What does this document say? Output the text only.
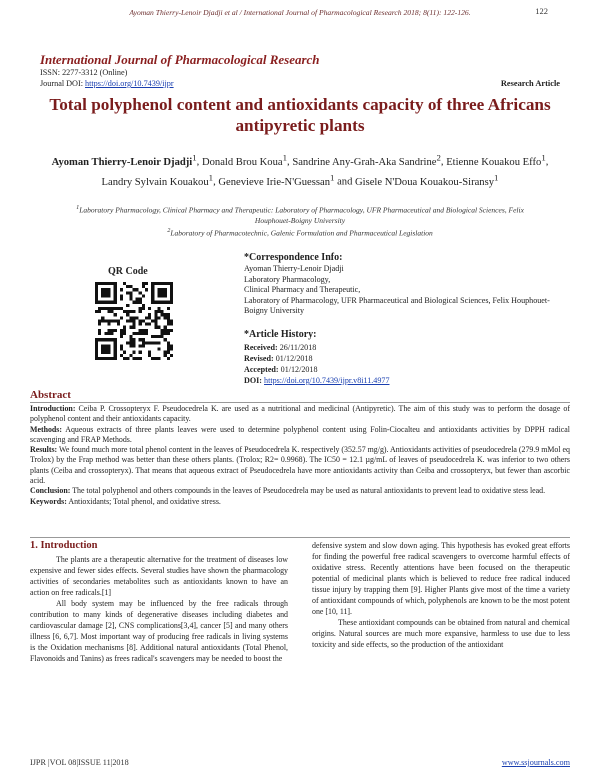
Ayoman Thierry-Lenoir Djadji et al / International Journal of Pharmacological Research 2018; 8(11): 122-126.	122
International Journal of Pharmacological Research
ISSN: 2277-3312 (Online)
Journal DOI: https://doi.org/10.7439/ijpr	Research Article
Total polyphenol content and antioxidants capacity of three Africans antipyretic plants
Ayoman Thierry-Lenoir Djadji$^1$, Donald Brou Koua$^1$, Sandrine Any-Grah-Aka Sandrine$^2$, Etienne Kouakou Effo$^1$, Landry Sylvain Kouakou$^1$, Genevieve Irie-N'Guessan$^1$ and Gisele N'Doua Kouakou-Siransy$^1$
$^1$Laboratory Pharmacology, Clinical Pharmacy and Therapeutic: Laboratory of Pharmacology, UFR Pharmaceutical and Biological Sciences, Felix Houphouet-Boigny University
$^2$Laboratory of Pharmacotechnic, Galenic Formulation and Pharmaceutical Legislation
QR Code
*Correspondence Info:
Ayoman Thierry-Lenoir Djadji
Laboratory Pharmacology,
Clinical Pharmacy and Therapeutic,
Laboratory of Pharmacology, UFR Pharmaceutical and Biological Sciences, Felix Houphouet-Boigny University
*Article History:
Received: 26/11/2018
Revised: 01/12/2018
Accepted: 01/12/2018
DOI: https://doi.org/10.7439/ijpr.v8i11.4977
Abstract

Introduction: Ceiba P. Crossopteryx F. Pseudocedrela K. are used as a nutritional and medicinal (Antipyretic). The aim of this study was to perform the dosage of polyphenol content and their antioxidants capacity.

Methods: Aqueous extracts of three plants leaves were used to determine polyphenol content using Folin-Ciocalteu and antioxidants activities by DPPH radical scavenging and FRAP Methods.

Results: We found much more total phenol content in the leaves of Pseudocedrela K. respectively (352.57 mg/g). Antioxidants activities of pseudocedrela (279.9 mMol eq Trolox) by the Frap method was better than these others plants. (Trolox; R2= 0.9968). The IC50 = 12.1 µg/mL of leaves of pseudocedrela K. was inferior to two others plants (Ceiba and crossopteryx). That means that aqueous extract of Pseudocedrela have more antioxidants activity than Ceiba and crossopteryx, but fewer than ascorbic acid.

Conclusion: The total polyphenol and others compounds in the leaves of Pseudocedrela may be used as natural antioxidants to prevent lead to oxidative stess lead.

Keywords: Antioxidants; Total phenol, and oxidative stress.

1. Introduction

The plants are a therapeutic alternative for the treatment of diseases low expensive and fewer sides effects. Several studies have shown the pharmacology activities of secondaries metabolites such as antioxidants known to have an action on free radicals.[1]

All body system may be influenced by the free radicals through contribution to many kinds of degenerative diseases including diabetes and cardiovascular damage [2], CNS complications[3,4], cancer [5] and many others illness [6, 6,7]. Most important way of producing free radicals in living systems is the Oxidation mechanisms [8]. Additional natural antioxidants (Total Phenol, Flavonoids and Tanins) as frees radical's scavengers may be needed to boost the

defensive system and slow down aging. This hypothesis has evoked great efforts for finding the powerful free radical scavengers to overcome harmful effects of oxidative stress. Recently attentions have been focused on the therapeutic potential of medicinal plants which is believed to reduce free radical induced tissue injury by trapping them [9]. Higher Plants give most of the time a variety of antioxidant compounds of which, polyphenols are known to be the most potent one [10, 11].

These antioxidant compounds can be obtained from natural and chemical origins. Natural sources are much more expansive, harmless to use due to less toxicity and side effects, so the production of the antioxidant

IJPR |VOL 08|ISSUE 11|2018	www.ssjournals.com
